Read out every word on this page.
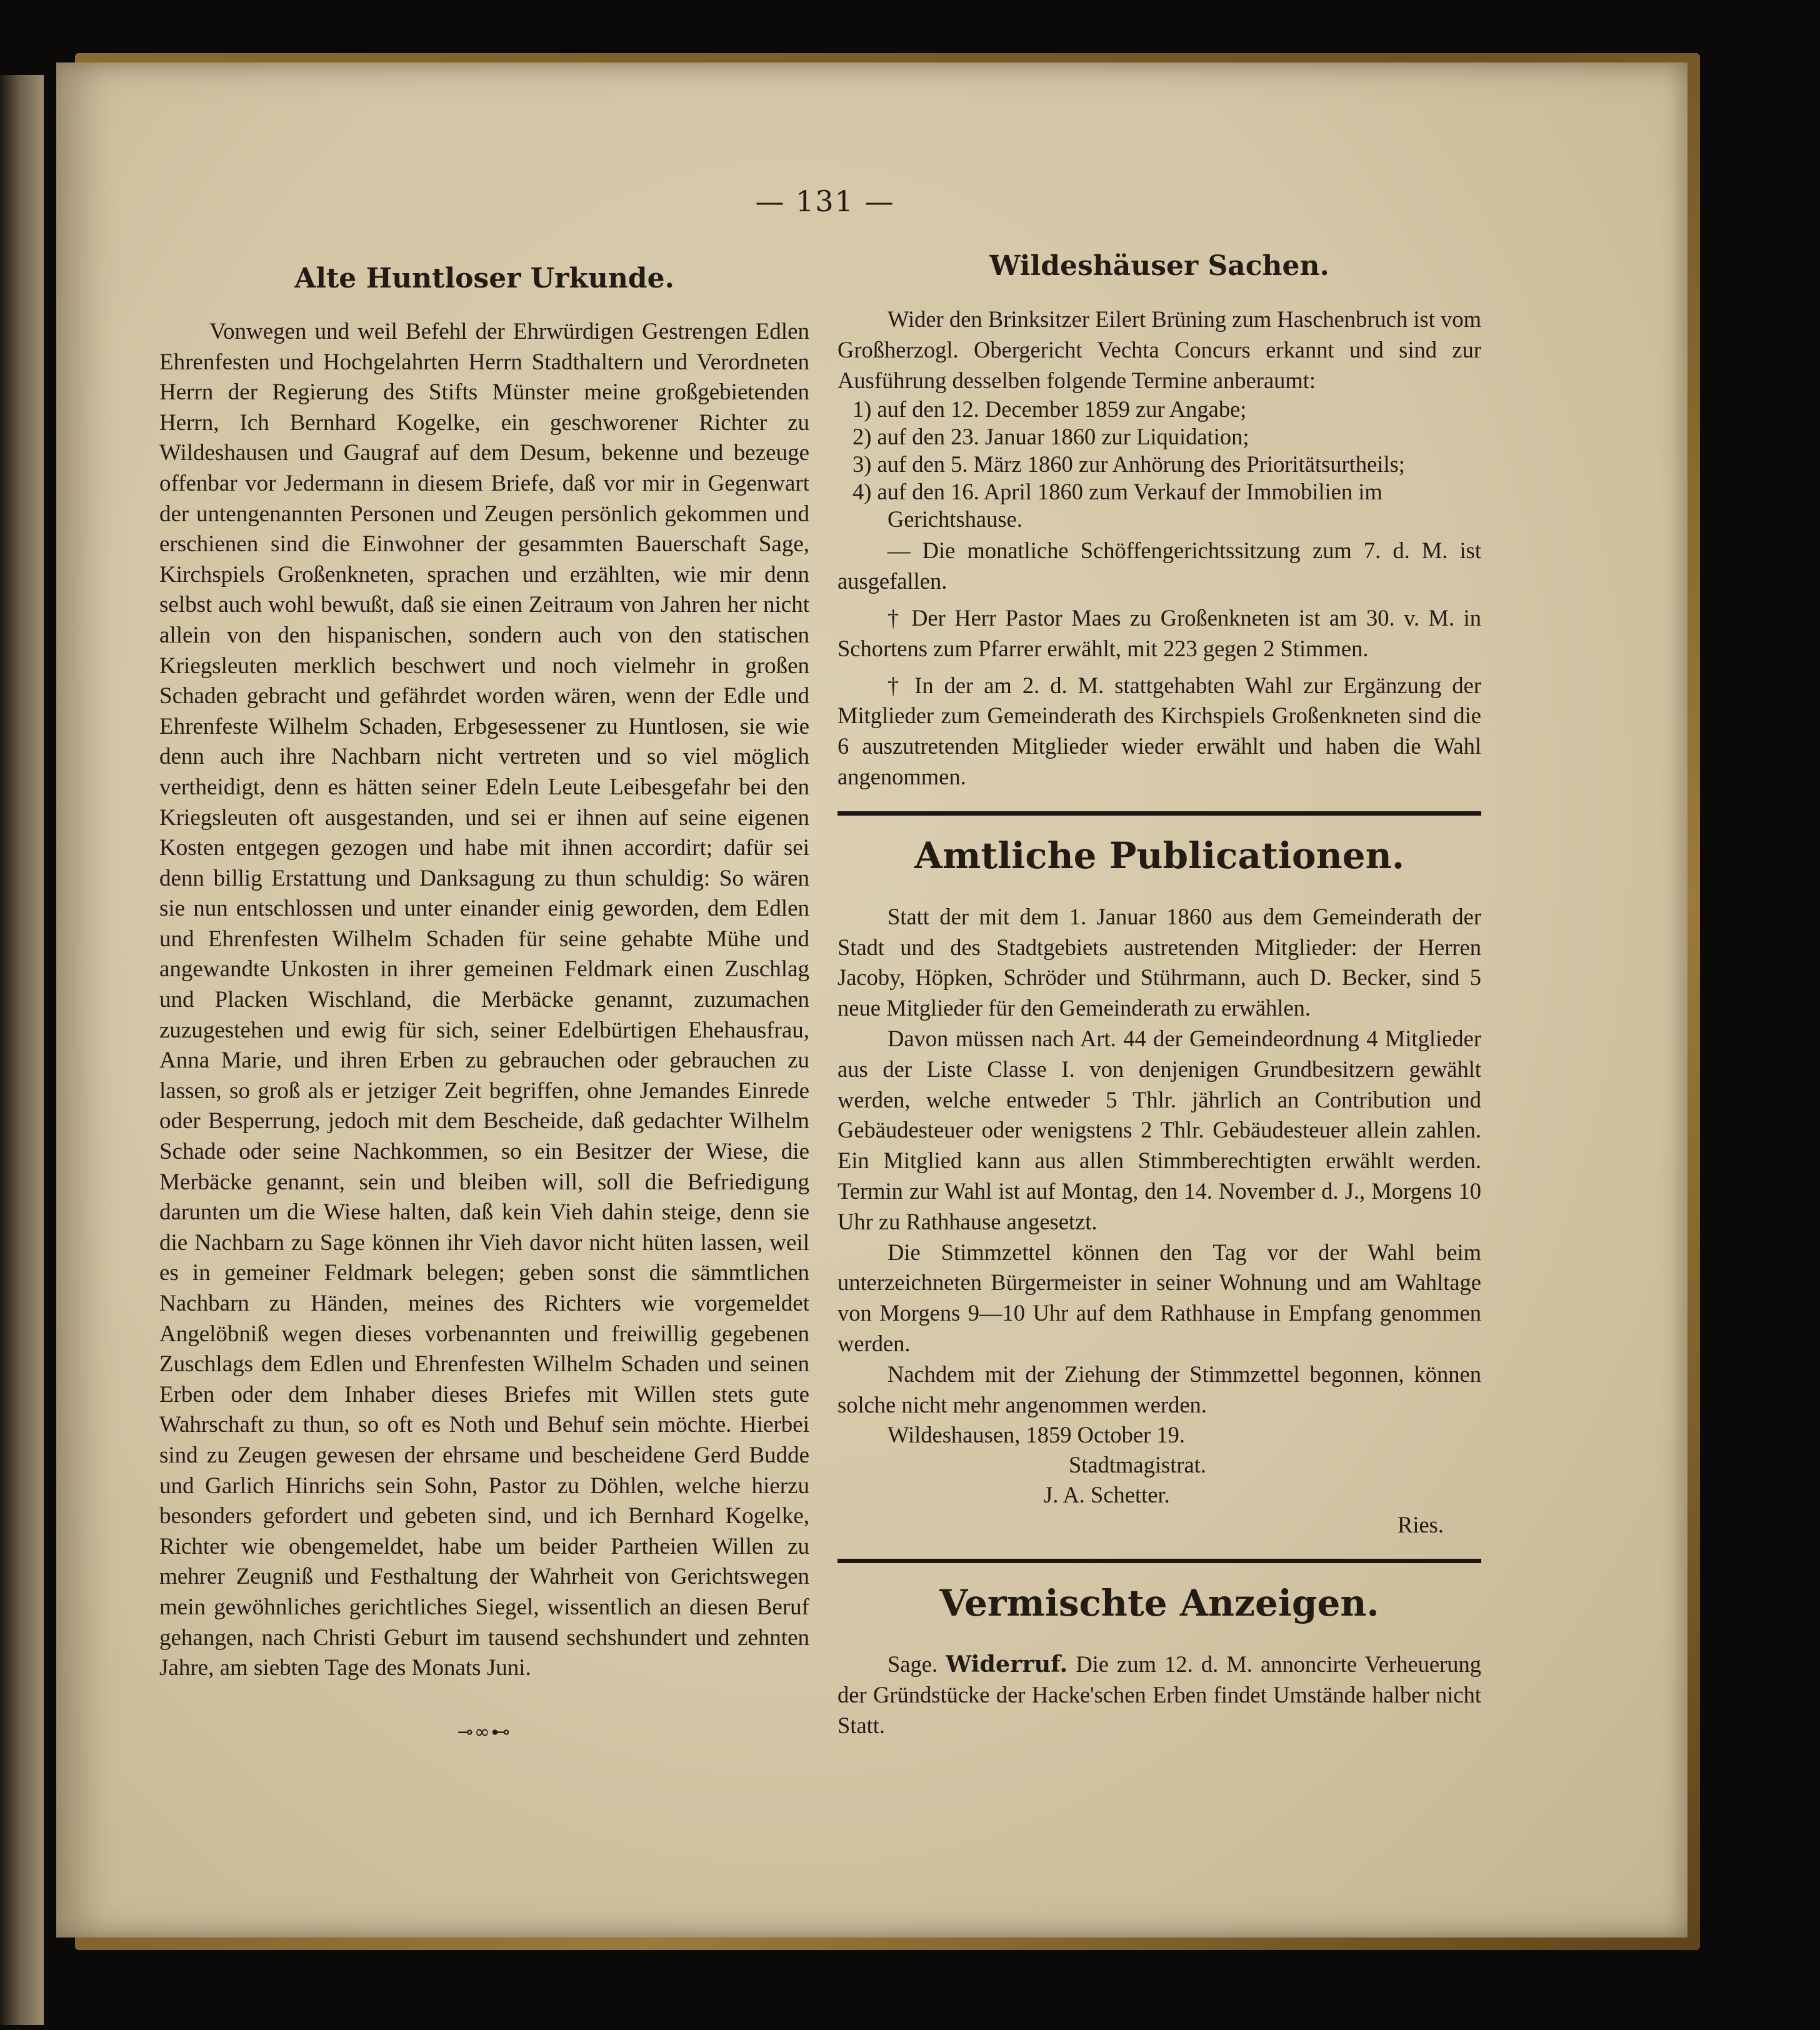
— 131 —
Alte Huntloser Urkunde.

Vonwegen und weil Befehl der Ehrwürdigen Gestrengen Edlen Ehrenfesten und Hochgelahrten Herrn Stadthaltern und Verordneten Herrn der Regierung des Stifts Münster meine großgebietenden Herrn, Ich Bernhard Kogelke, ein geschworener Richter zu Wildeshausen und Gaugraf auf dem Desum, bekenne und bezeuge offenbar vor Jedermann in diesem Briefe, daß vor mir in Gegenwart der untengenannten Personen und Zeugen persönlich gekommen und erschienen sind die Einwohner der gesammten Bauerschaft Sage, Kirchspiels Großenkneten, sprachen und erzählten, wie mir denn selbst auch wohl bewußt, daß sie einen Zeitraum von Jahren her nicht allein von den hispanischen, sondern auch von den statischen Kriegsleuten merklich beschwert und noch vielmehr in großen Schaden gebracht und gefährdet worden wären, wenn der Edle und Ehrenfeste Wilhelm Schaden, Erbgesessener zu Huntlosen, sie wie denn auch ihre Nachbarn nicht vertreten und so viel möglich vertheidigt, denn es hätten seiner Edeln Leute Leibesgefahr bei den Kriegsleuten oft ausgestanden, und sei er ihnen auf seine eigenen Kosten entgegen gezogen und habe mit ihnen accordirt; dafür sei denn billig Erstattung und Danksagung zu thun schuldig: So wären sie nun entschlossen und unter einander einig geworden, dem Edlen und Ehrenfesten Wilhelm Schaden für seine gehabte Mühe und angewandte Unkosten in ihrer gemeinen Feldmark einen Zuschlag und Placken Wischland, die Merbäcke genannt, zuzumachen zuzugestehen und ewig für sich, seiner Edelbürtigen Ehehausfrau, Anna Marie, und ihren Erben zu gebrauchen oder gebrauchen zu lassen, so groß als er jetziger Zeit begriffen, ohne Jemandes Einrede oder Besperrung, jedoch mit dem Bescheide, daß gedachter Wilhelm Schade oder seine Nachkommen, so ein Besitzer der Wiese, die Merbäcke genannt, sein und bleiben will, soll die Befriedigung darunten um die Wiese halten, daß kein Vieh dahin steige, denn sie die Nachbarn zu Sage können ihr Vieh davor nicht hüten lassen, weil es in gemeiner Feldmark belegen; geben sonst die sämmtlichen Nachbarn zu Händen, meines des Richters wie vorgemeldet Angelöbniß wegen dieses vorbenannten und freiwillig gegebenen Zuschlags dem Edlen und Ehrenfesten Wilhelm Schaden und seinen Erben oder dem Inhaber dieses Briefes mit Willen stets gute Wahrschaft zu thun, so oft es Noth und Behuf sein möchte. Hierbei sind zu Zeugen gewesen der ehrsame und bescheidene Gerd Budde und Garlich Hinrichs sein Sohn, Pastor zu Döhlen, welche hierzu besonders gefordert und gebeten sind, und ich Bernhard Kogelke, Richter wie obengemeldet, habe um beider Partheien Willen zu mehrer Zeugniß und Festhaltung der Wahrheit von Gerichtswegen mein gewöhnliches gerichtliches Siegel, wissentlich an diesen Beruf gehangen, nach Christi Geburt im tausend sechshundert und zehnten Jahre, am siebten Tage des Monats Juni.

⊸∞⊷
Wildeshäuser Sachen.

Wider den Brinksitzer Eilert Brüning zum Haschenbruch ist vom Großherzogl. Obergericht Vechta Concurs erkannt und sind zur Ausführung desselben folgende Termine anberaumt:

1) auf den 12. December 1859 zur Angabe;
2) auf den 23. Januar 1860 zur Liquidation;
3) auf den 5. März 1860 zur Anhörung des Prioritätsurtheils;
4) auf den 16. April 1860 zum Verkauf der Immobilien im Gerichtshause.

— Die monatliche Schöffengerichtssitzung zum 7. d. M. ist ausgefallen.

† Der Herr Pastor Maes zu Großenkneten ist am 30. v. M. in Schortens zum Pfarrer erwählt, mit 223 gegen 2 Stimmen.

† In der am 2. d. M. stattgehabten Wahl zur Ergänzung der Mitglieder zum Gemeinderath des Kirchspiels Großenkneten sind die 6 auszutretenden Mitglieder wieder erwählt und haben die Wahl angenommen.

Amtliche Publicationen.

Statt der mit dem 1. Januar 1860 aus dem Gemeinderath der Stadt und des Stadtgebiets austretenden Mitglieder: der Herren Jacoby, Höpken, Schröder und Stührmann, auch D. Becker, sind 5 neue Mitglieder für den Gemeinderath zu erwählen.

Davon müssen nach Art. 44 der Gemeindeordnung 4 Mitglieder aus der Liste Classe I. von denjenigen Grundbesitzern gewählt werden, welche entweder 5 Thlr. jährlich an Contribution und Gebäudesteuer oder wenigstens 2 Thlr. Gebäudesteuer allein zahlen. Ein Mitglied kann aus allen Stimmberechtigten erwählt werden. Termin zur Wahl ist auf Montag, den 14. November d. J., Morgens 10 Uhr zu Rathhause angesetzt.

Die Stimmzettel können den Tag vor der Wahl beim unterzeichneten Bürgermeister in seiner Wohnung und am Wahltage von Morgens 9—10 Uhr auf dem Rathhause in Empfang genommen werden.

Nachdem mit der Ziehung der Stimmzettel begonnen, können solche nicht mehr angenommen werden.

Wildeshausen, 1859 October 19.
Stadtmagistrat.
J. A. Schetter.
Ries.
Vermischte Anzeigen.

Sage. Widerruf. Die zum 12. d. M. annoncirte Verheuerung der Gründstücke der Hacke'schen Erben findet Umstände halber nicht Statt.
